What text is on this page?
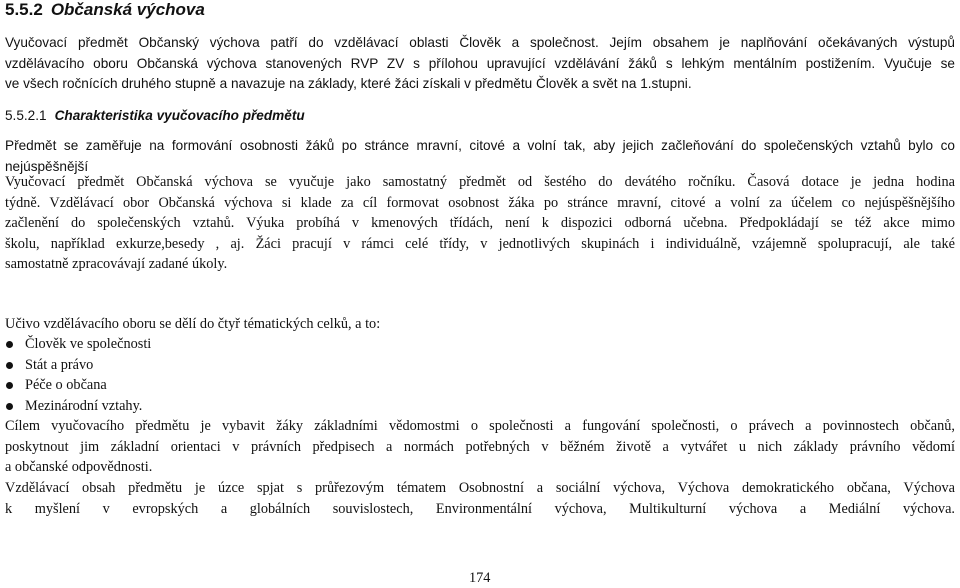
5.5.2 Občanská výchova
Vyučovací předmět Občanský výchova patří do vzdělávací oblasti Člověk a společnost. Jejím obsahem je naplňování očekávaných výstupů
vzdělávacího oboru Občanská výchova stanovených RVP ZV s přílohou upravující vzdělávání žáků s lehkým mentálním postižením. Vyučuje se
ve všech ročnících druhého stupně a navazuje na základy, které žáci získali v předmětu Člověk a svět na 1.stupni.
5.5.2.1 Charakteristika vyučovacího předmětu
Předmět se zaměřuje na formování osobnosti žáků po stránce mravní, citové a volní tak, aby jejich začleňování do společenských vztahů bylo co
nejúspěšnější
Vyučovací předmět Občanská výchova se vyučuje jako samostatný předmět od šestého do devátého ročníku. Časová dotace je jedna hodina
týdně. Vzdělávací obor Občanská výchova si klade za cíl formovat osobnost žáka po stránce mravní, citové a volní za účelem co nejúspěšnějšího
začlenění do společenských vztahů. Výuka probíhá v kmenových třídách, není k dispozici odborná učebna. Předpokládají se též akce mimo
školu, například exkurze,besedy , aj. Žáci pracují v rámci celé třídy, v jednotlivých skupinách i individuálně, vzájemně spolupracují, ale také
samostatně zpracovávají zadané úkoly.
Učivo vzdělávacího oboru se dělí do čtyř tématických celků, a to:
Člověk ve společnosti
Stát a právo
Péče o občana
Mezinárodní vztahy.
Cílem vyučovacího předmětu je vybavit žáky základními vědomostmi o společnosti a fungování společnosti, o právech a povinnostech občanů,
poskytnout jim základní orientaci v právních předpisech a normách potřebných v běžném životě a vytvářet u nich základy právního vědomí
a občanské odpovědnosti.
Vzdělávací obsah předmětu je úzce spjat s průřezovým tématem Osobnostní a sociální výchova, Výchova demokratického občana, Výchova
k myšlení v evropských a globálních souvislostech, Environmentální výchova, Multikulturní výchova a Mediální výchova.
174
